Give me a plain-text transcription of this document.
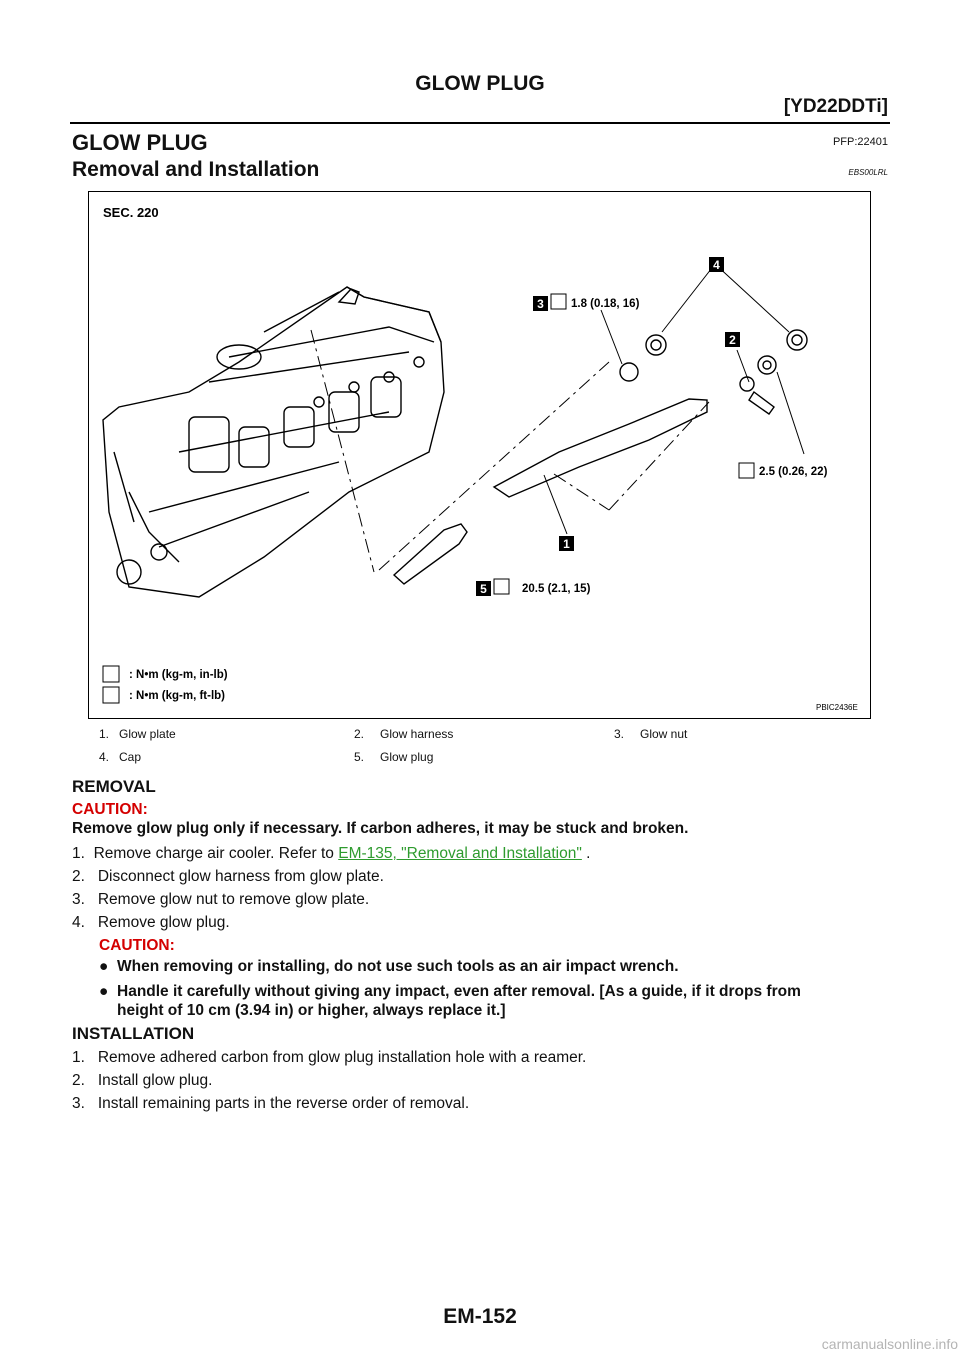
GLOW PLUG
[YD22DDTi]
GLOW PLUG	PFP:22401
Removal and Installation	EBS00LRL
SEC. 220
3 1.8 (0.18, 16)
4
2
2.5 (0.26, 22)
1
5	20.5 (2.1, 15)
: N•m (kg-m, in-lb)
: N•m (kg-m, ft-lb)
PBIC2436E
1. Glow plate	2. Glow harness	3. Glow nut
4. Cap	5. Glow plug
REMOVAL
CAUTION:
Remove glow plug only if necessary. If carbon adheres, it may be stuck and broken.
1. Remove charge air cooler. Refer to EM-135, "Removal and Installation" .
2.   Disconnect glow harness from glow plate.
3.   Remove glow nut to remove glow plate.
4.   Remove glow plug.
CAUTION:
● When removing or installing, do not use such tools as an air impact wrench.
● Handle it carefully without giving any impact, even after removal. [As a guide, if it drops from
height of 10 cm (3.94 in) or higher, always replace it.]
INSTALLATION
1.   Remove adhered carbon from glow plug installation hole with a reamer.
2.   Install glow plug.
3.   Install remaining parts in the reverse order of removal.
EM-152
carmanualsonline.info
